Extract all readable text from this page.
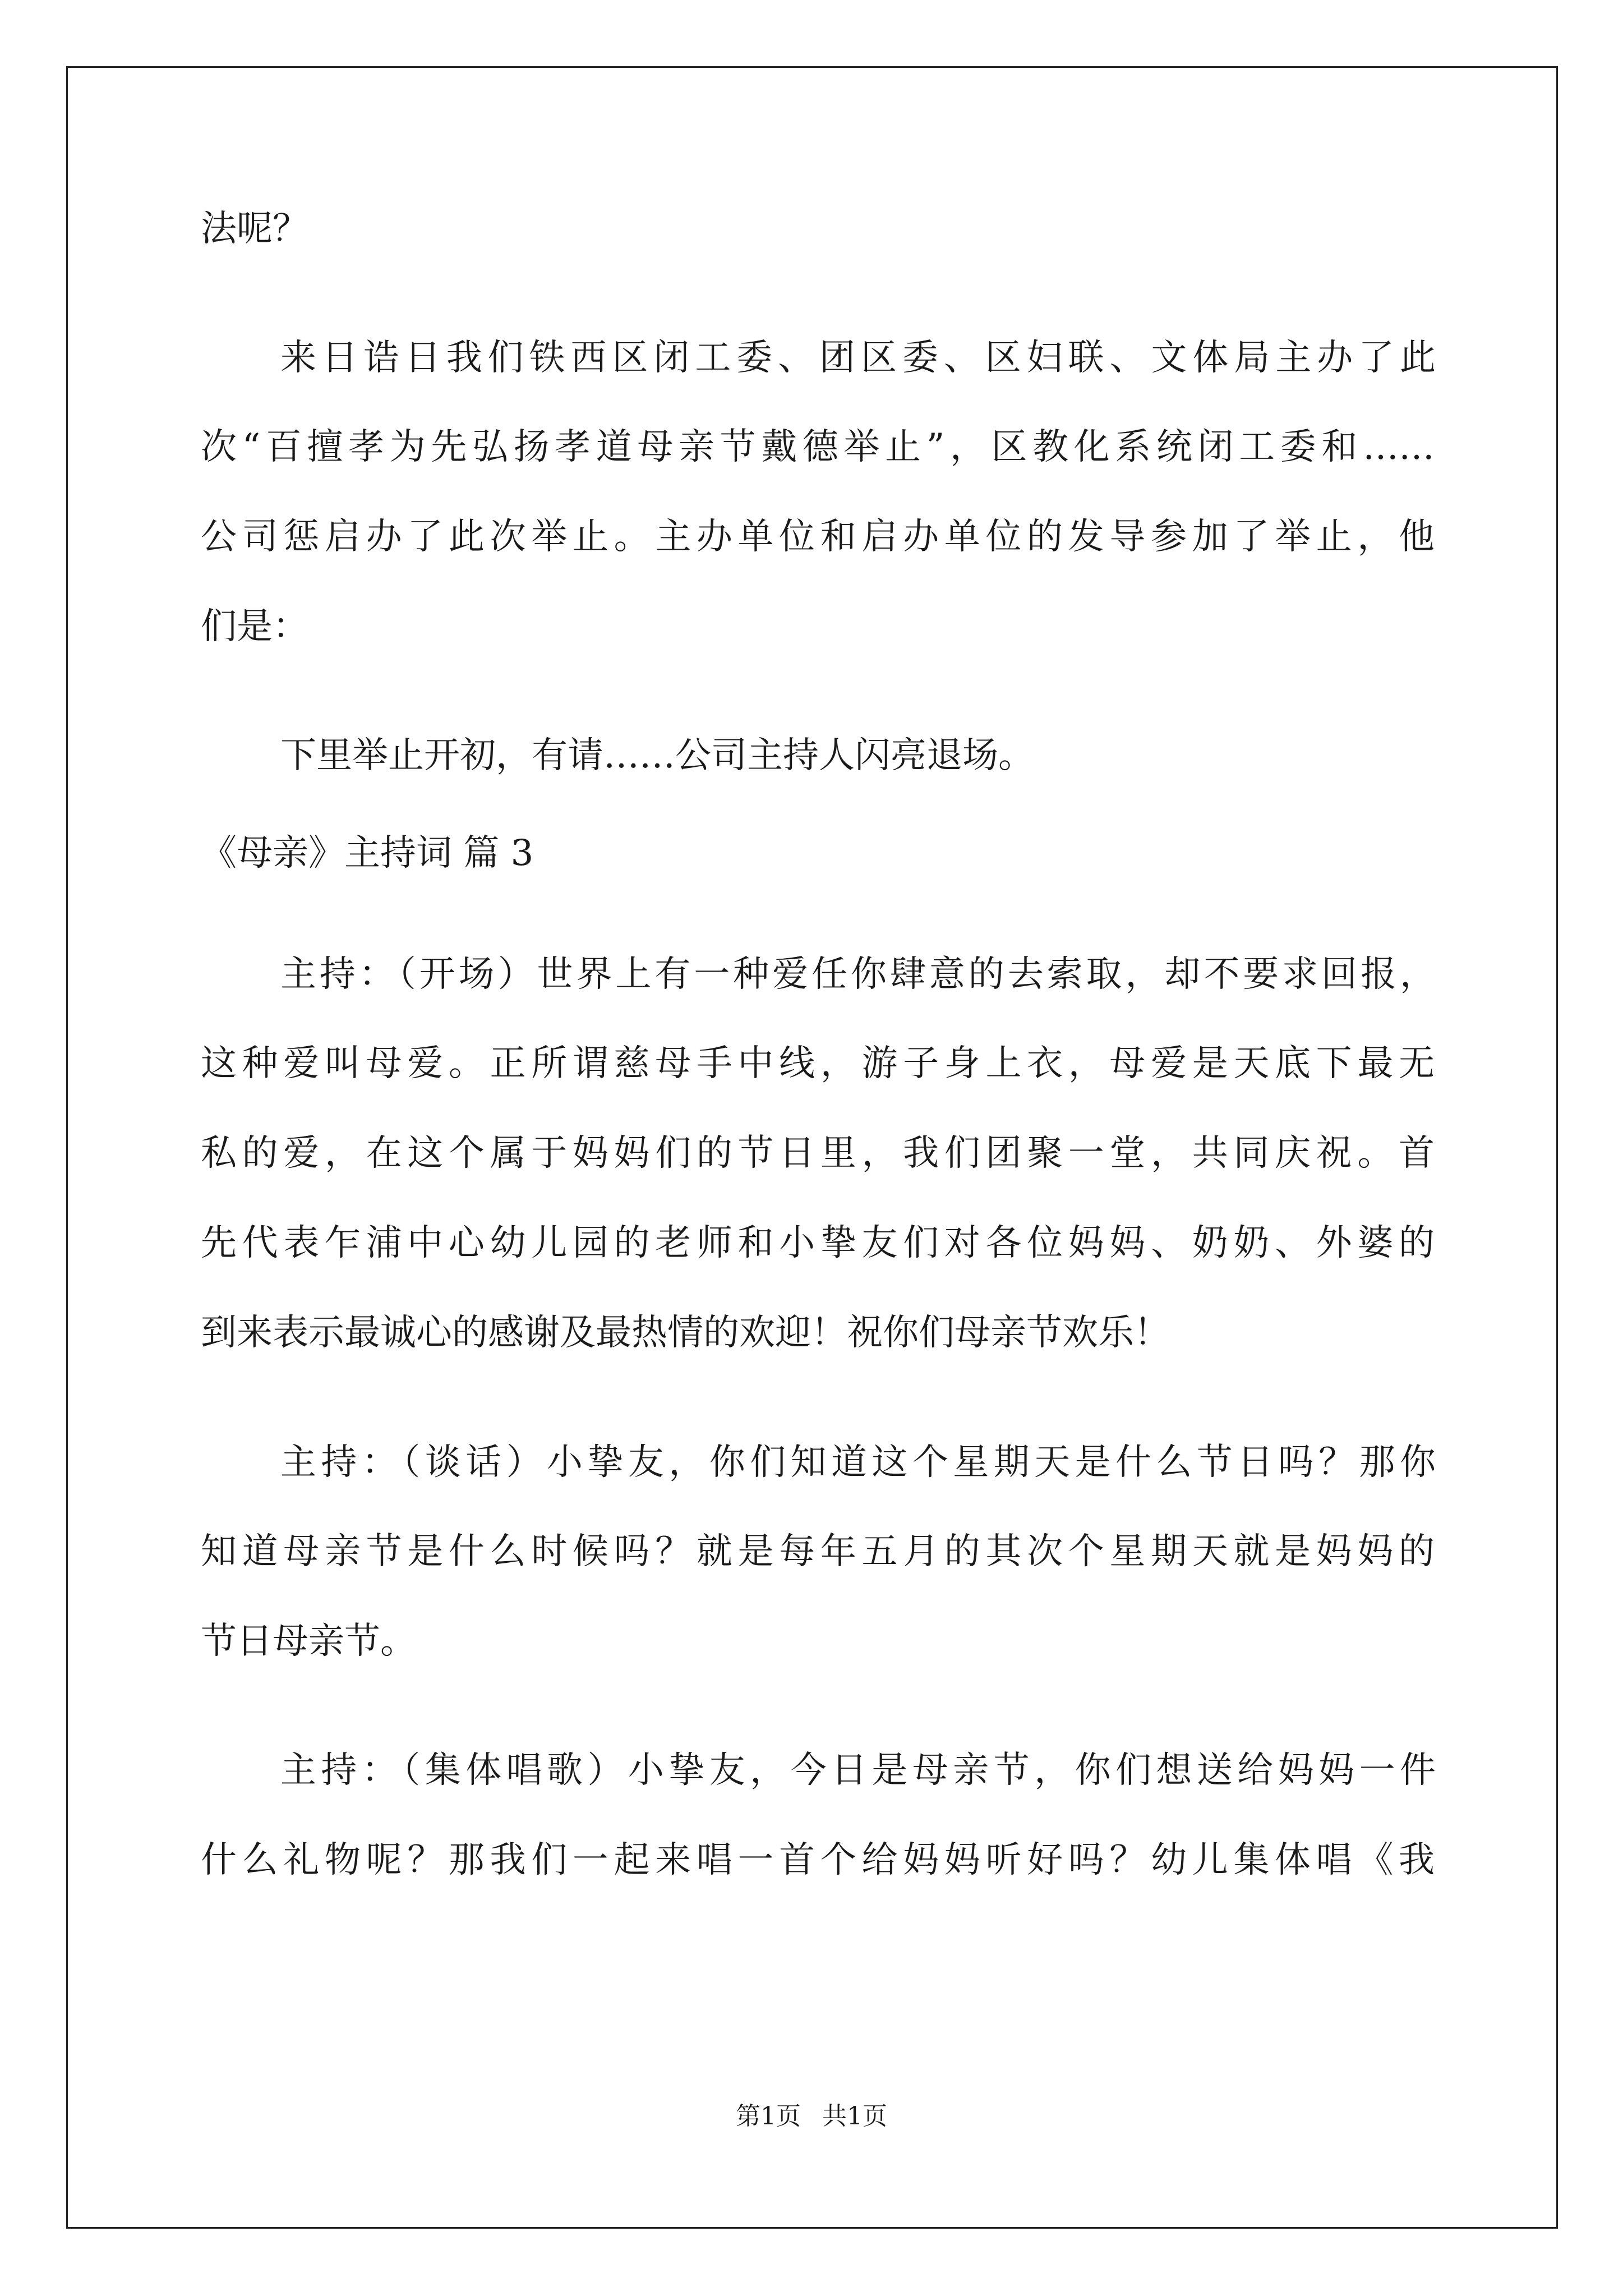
法呢？
来日诰日我们铁西区闭工委、团区委、区妇联、文体局主办了此
次“百擅孝为先弘扬孝道母亲节戴德举止”，区教化系统闭工委和……
公司惩启办了此次举止。主办单位和启办单位的发导参加了举止，他
们是：
下里举止开初，有请……公司主持人闪亮退场。
《母亲》主持词 篇 3
主持：（开场）世界上有一种爱任你肆意的去索取，却不要求回报，
这种爱叫母爱。正所谓慈母手中线，游子身上衣，母爱是天底下最无
私的爱，在这个属于妈妈们的节日里，我们团聚一堂，共同庆祝。首
先代表乍浦中心幼儿园的老师和小挚友们对各位妈妈、奶奶、外婆的
到来表示最诚心的感谢及最热情的欢迎！祝你们母亲节欢乐！
主持：（谈话）小挚友，你们知道这个星期天是什么节日吗？那你
知道母亲节是什么时候吗？就是每年五月的其次个星期天就是妈妈的
节日母亲节。
主持：（集体唱歌）小挚友，今日是母亲节，你们想送给妈妈一件
什么礼物呢？那我们一起来唱一首个给妈妈听好吗？幼儿集体唱《我
第1页 共1页
